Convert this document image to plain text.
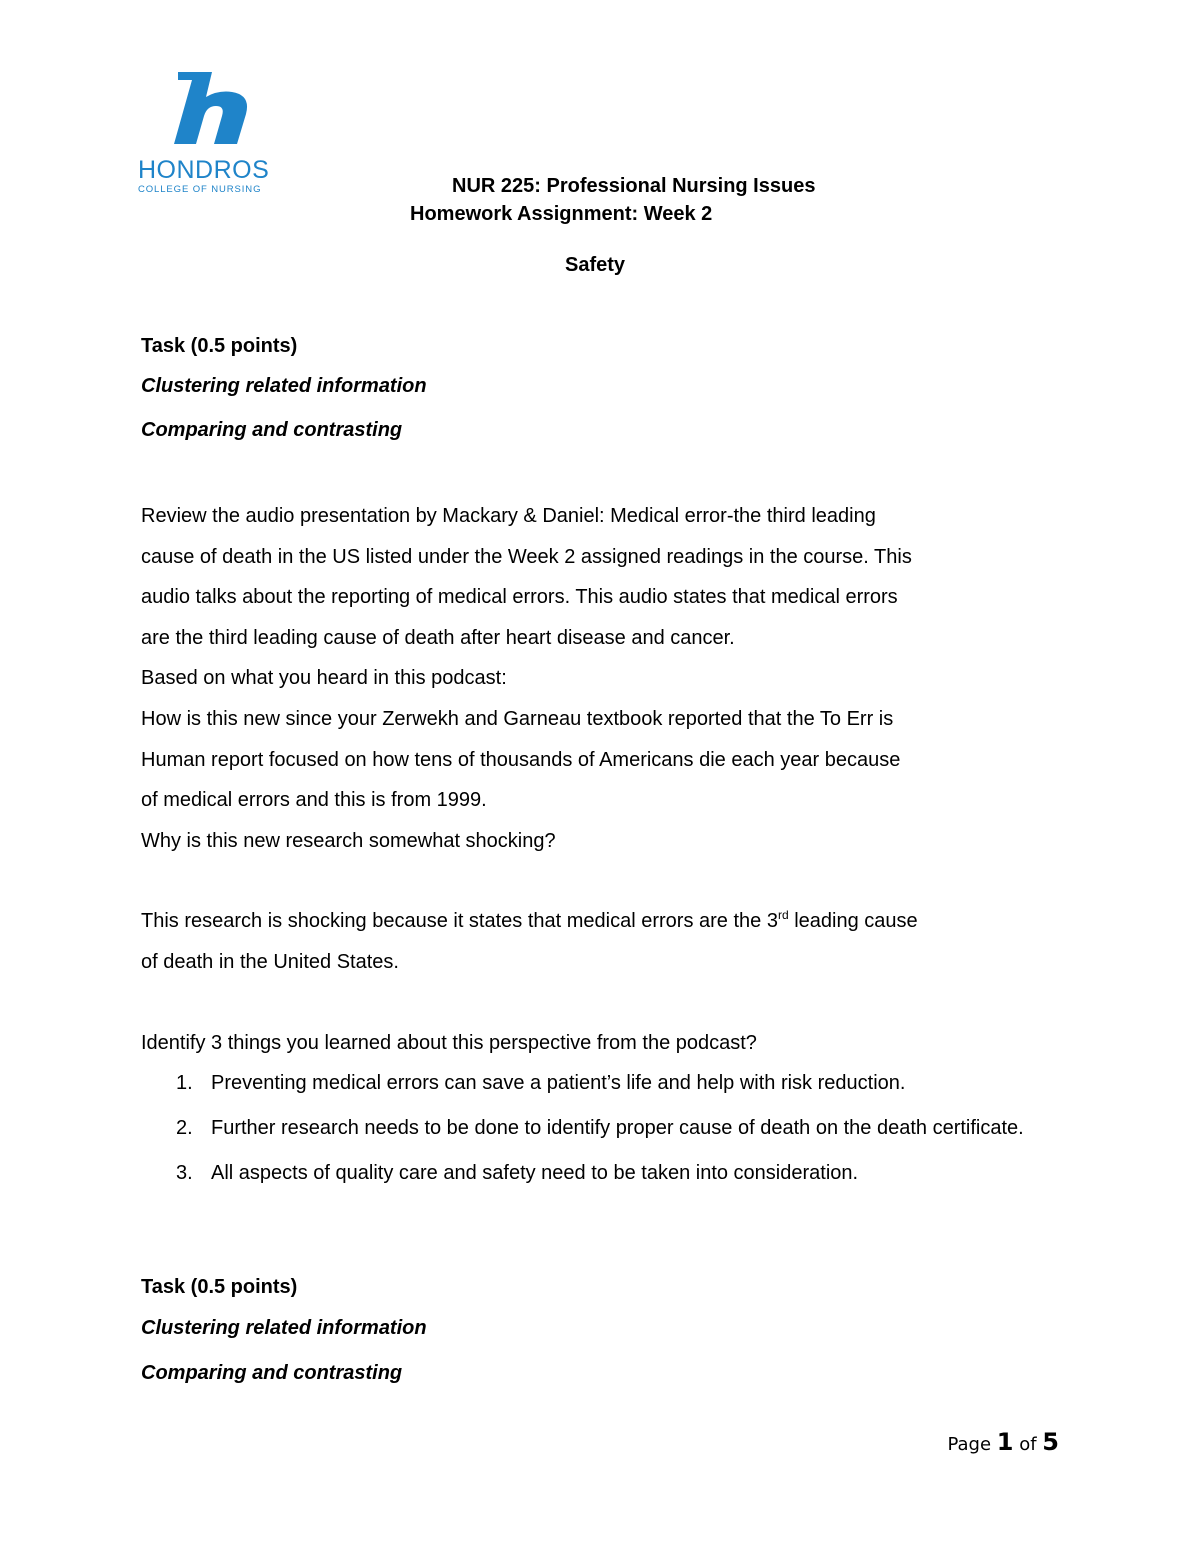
HONDROS
COLLEGE OF NURSING	NUR 225: Professional Nursing Issues
Homework Assignment: Week 2
Safety
Task (0.5 points)
Clustering related information
Comparing and contrasting

Review the audio presentation by Mackary & Daniel: Medical error-the third leading

cause of death in the US listed under the Week 2 assigned readings in the course. This

audio talks about the reporting of medical errors. This audio states that medical errors

are the third leading cause of death after heart disease and cancer.

Based on what you heard in this podcast:

How is this new since your Zerwekh and Garneau textbook reported that the To Err is

Human report focused on how tens of thousands of Americans die each year because

of medical errors and this is from 1999.

Why is this new research somewhat shocking?

This research is shocking because it states that medical errors are the 3rd leading cause

of death in the United States.

Identify 3 things you learned about this perspective from the podcast?
1. Preventing medical errors can save a patient’s life and help with risk reduction.
2. Further research needs to be done to identify proper cause of death on the death certificate.
3. All aspects of quality care and safety need to be taken into consideration.
Task (0.5 points)
Clustering related information
Comparing and contrasting
Page 1 of 5
